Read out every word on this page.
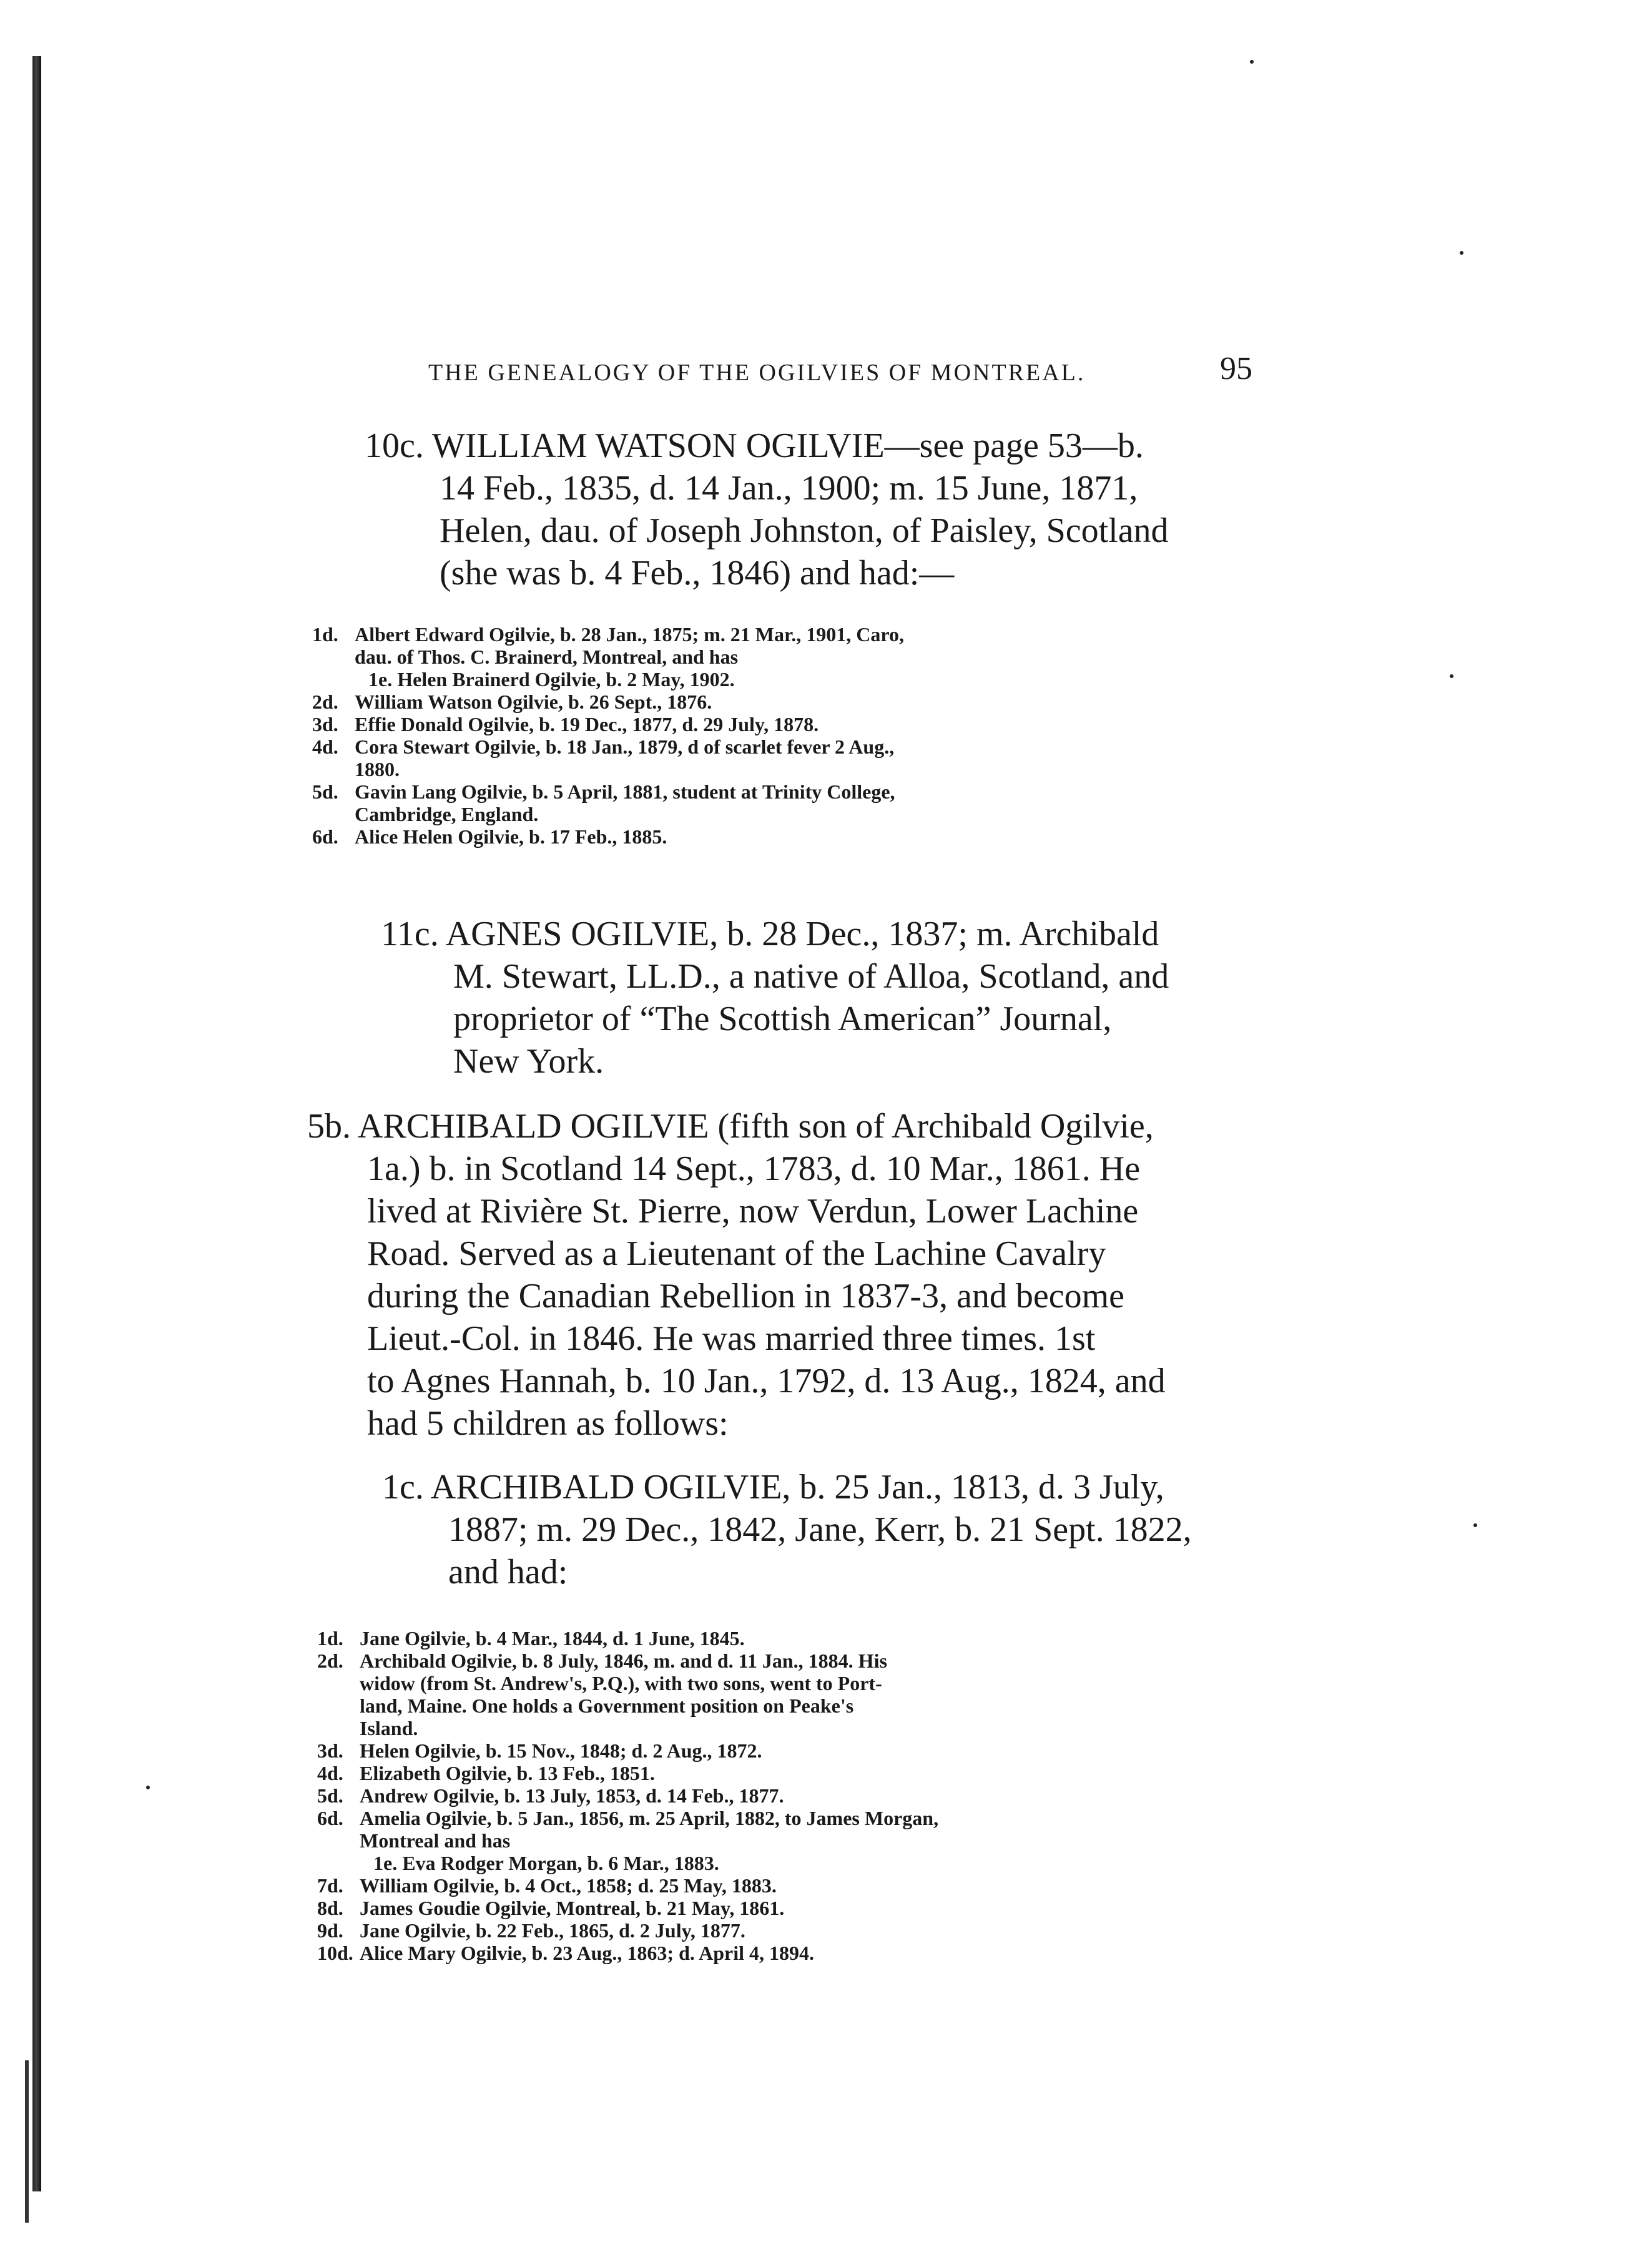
THE GENEALOGY OF THE OGILVIES OF MONTREAL.	95
10c. WILLIAM WATSON OGILVIE—see page 53—b.
14 Feb., 1835, d. 14 Jan., 1900; m. 15 June, 1871,
Helen, dau. of Joseph Johnston, of Paisley, Scotland
(she was b. 4 Feb., 1846) and had:—
1d. Albert Edward Ogilvie, b. 28 Jan., 1875; m. 21 Mar., 1901, Caro,
dau. of Thos. C. Brainerd, Montreal, and has
1e. Helen Brainerd Ogilvie, b. 2 May, 1902.
2d. William Watson Ogilvie, b. 26 Sept., 1876.
3d. Effie Donald Ogilvie, b. 19 Dec., 1877, d. 29 July, 1878.
4d. Cora Stewart Ogilvie, b. 18 Jan., 1879, d of scarlet fever 2 Aug.,
1880.
5d. Gavin Lang Ogilvie, b. 5 April, 1881, student at Trinity College,
Cambridge, England.
6d. Alice Helen Ogilvie, b. 17 Feb., 1885.
11c. AGNES OGILVIE, b. 28 Dec., 1837; m. Archibald
M. Stewart, LL.D., a native of Alloa, Scotland, and
proprietor of “The Scottish American” Journal,
New York.
5b. ARCHIBALD OGILVIE (fifth son of Archibald Ogilvie,
1a.) b. in Scotland 14 Sept., 1783, d. 10 Mar., 1861. He
lived at Rivière St. Pierre, now Verdun, Lower Lachine
Road. Served as a Lieutenant of the Lachine Cavalry
during the Canadian Rebellion in 1837-3, and become
Lieut.-Col. in 1846. He was married three times. 1st
to Agnes Hannah, b. 10 Jan., 1792, d. 13 Aug., 1824, and
had 5 children as follows:
1c. ARCHIBALD OGILVIE, b. 25 Jan., 1813, d. 3 July,
1887; m. 29 Dec., 1842, Jane, Kerr, b. 21 Sept. 1822,
and had:
1d. Jane Ogilvie, b. 4 Mar., 1844, d. 1 June, 1845.
2d. Archibald Ogilvie, b. 8 July, 1846, m. and d. 11 Jan., 1884. His
widow (from St. Andrew's, P.Q.), with two sons, went to Port-
land, Maine. One holds a Government position on Peake's
Island.
3d. Helen Ogilvie, b. 15 Nov., 1848; d. 2 Aug., 1872.
4d. Elizabeth Ogilvie, b. 13 Feb., 1851.
5d. Andrew Ogilvie, b. 13 July, 1853, d. 14 Feb., 1877.
6d. Amelia Ogilvie, b. 5 Jan., 1856, m. 25 April, 1882, to James Morgan,
Montreal and has
1e. Eva Rodger Morgan, b. 6 Mar., 1883.
7d. William Ogilvie, b. 4 Oct., 1858; d. 25 May, 1883.
8d. James Goudie Ogilvie, Montreal, b. 21 May, 1861.
9d. Jane Ogilvie, b. 22 Feb., 1865, d. 2 July, 1877.
10d. Alice Mary Ogilvie, b. 23 Aug., 1863; d. April 4, 1894.
